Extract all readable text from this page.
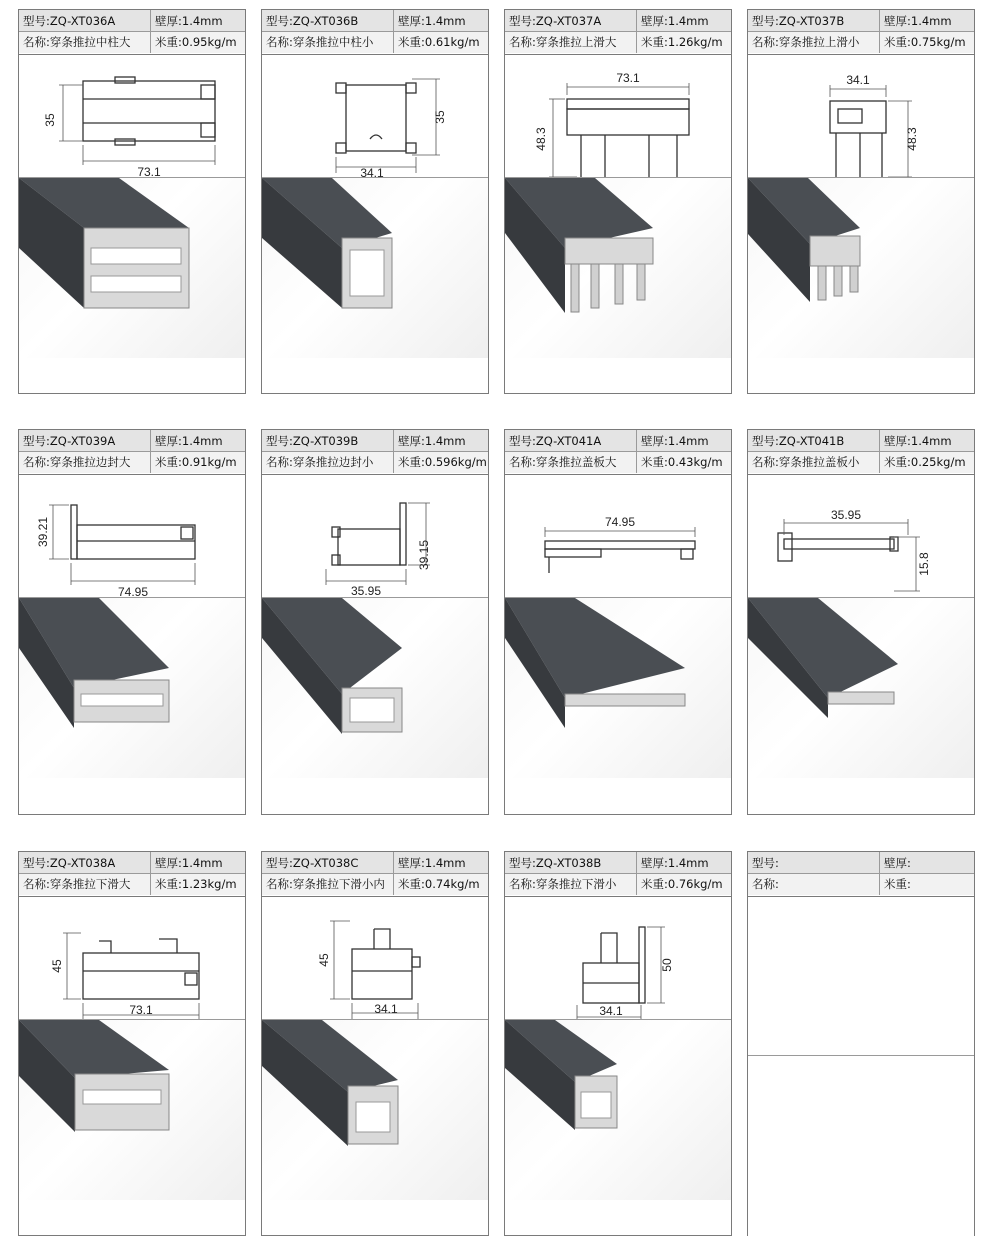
型号:ZQ-XT036A	壁厚:1.4mm
名称:穿条推拉中柱大	米重:0.95kg/m
35
73.1
型号:ZQ-XT036B	壁厚:1.4mm
名称:穿条推拉中柱小	米重:0.61kg/m
35
34.1
型号:ZQ-XT037A	壁厚:1.4mm
名称:穿条推拉上滑大	米重:1.26kg/m
73.1
48.3
型号:ZQ-XT037B	壁厚:1.4mm
名称:穿条推拉上滑小	米重:0.75kg/m
34.1
48.3
型号:ZQ-XT039A	壁厚:1.4mm
名称:穿条推拉边封大	米重:0.91kg/m
39.21
74.95
型号:ZQ-XT039B	壁厚:1.4mm
名称:穿条推拉边封小	米重:0.596kg/m
39.15
35.95
型号:ZQ-XT041A	壁厚:1.4mm
名称:穿条推拉盖板大	米重:0.43kg/m
74.95
型号:ZQ-XT041B	壁厚:1.4mm
名称:穿条推拉盖板小	米重:0.25kg/m
35.95
15.8
型号:ZQ-XT038A	壁厚:1.4mm
名称:穿条推拉下滑大	米重:1.23kg/m
45
73.1
型号:ZQ-XT038C	壁厚:1.4mm
名称:穿条推拉下滑小内	米重:0.74kg/m
45
34.1
型号:ZQ-XT038B	壁厚:1.4mm
名称:穿条推拉下滑小	米重:0.76kg/m
50
34.1
型号:	壁厚:
名称:	米重:
